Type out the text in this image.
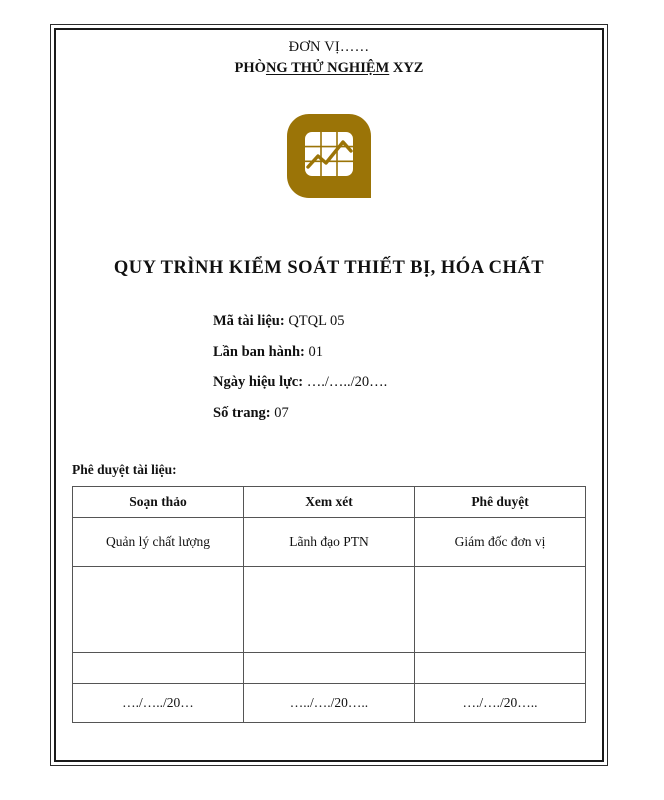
ĐƠN VỊ……
PHÒNG THỬ NGHIỆM XYZ
QUY TRÌNH KIỂM SOÁT THIẾT BỊ, HÓA CHẤT
Mã tài liệu: QTQL 05
Lần ban hành: 01
Ngày hiệu lực: …./…../20….
Số trang: 07
Phê duyệt tài liệu:
Soạn thảo	Xem xét	Phê duyệt
Quản lý chất lượng	Lãnh đạo PTN	Giám đốc đơn vị

…./…../20…	…../…./20…..	…./…./20…..
